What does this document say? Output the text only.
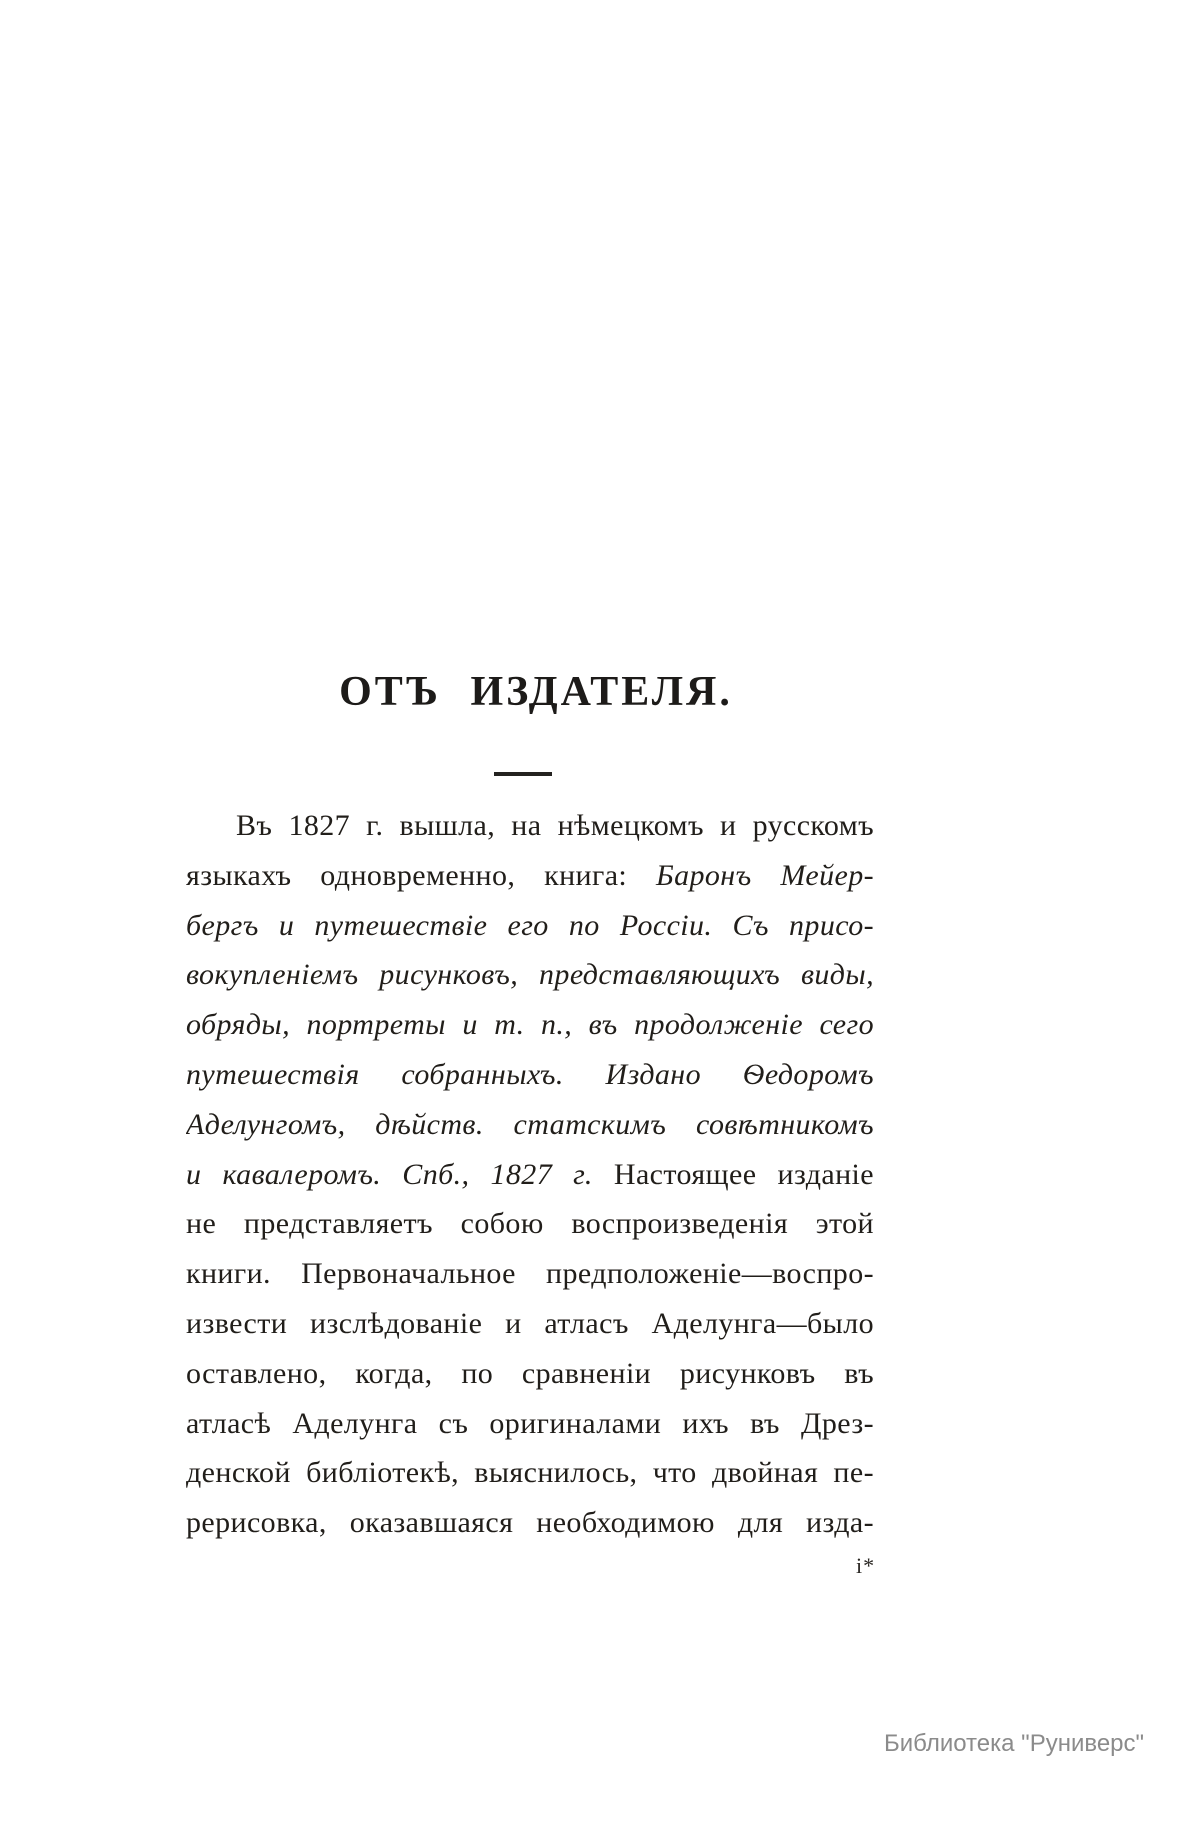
ОТЪ ИЗДАТЕЛЯ.
Въ 1827 г. вышла, на нѣмецкомъ и русскомъ
языкахъ одновременно, книга: Баронъ Мейер-
бергъ и путешествіе его по Россіи. Съ присо-
вокупленіемъ рисунковъ, представляющихъ виды,
обряды, портреты и т. п., въ продолженіе сего
путешествія собранныхъ. Издано Ѳедоромъ
Аделунгомъ, дѣйств. статскимъ совѣтникомъ
и кавалеромъ. Спб., 1827 г. Настоящее изданіе
не представляетъ собою воспроизведенія этой
книги. Первоначальное предположеніе—воспро-
извести изслѣдованіе и атласъ Аделунга—было
оставлено, когда, по сравненіи рисунковъ въ
атласѣ Аделунга съ оригиналами ихъ въ Дрез-
денской библіотекѣ, выяснилось, что двойная пе-
рерисовка, оказавшаяся необходимою для изда-
і*
Библиотека "Руниверс"
